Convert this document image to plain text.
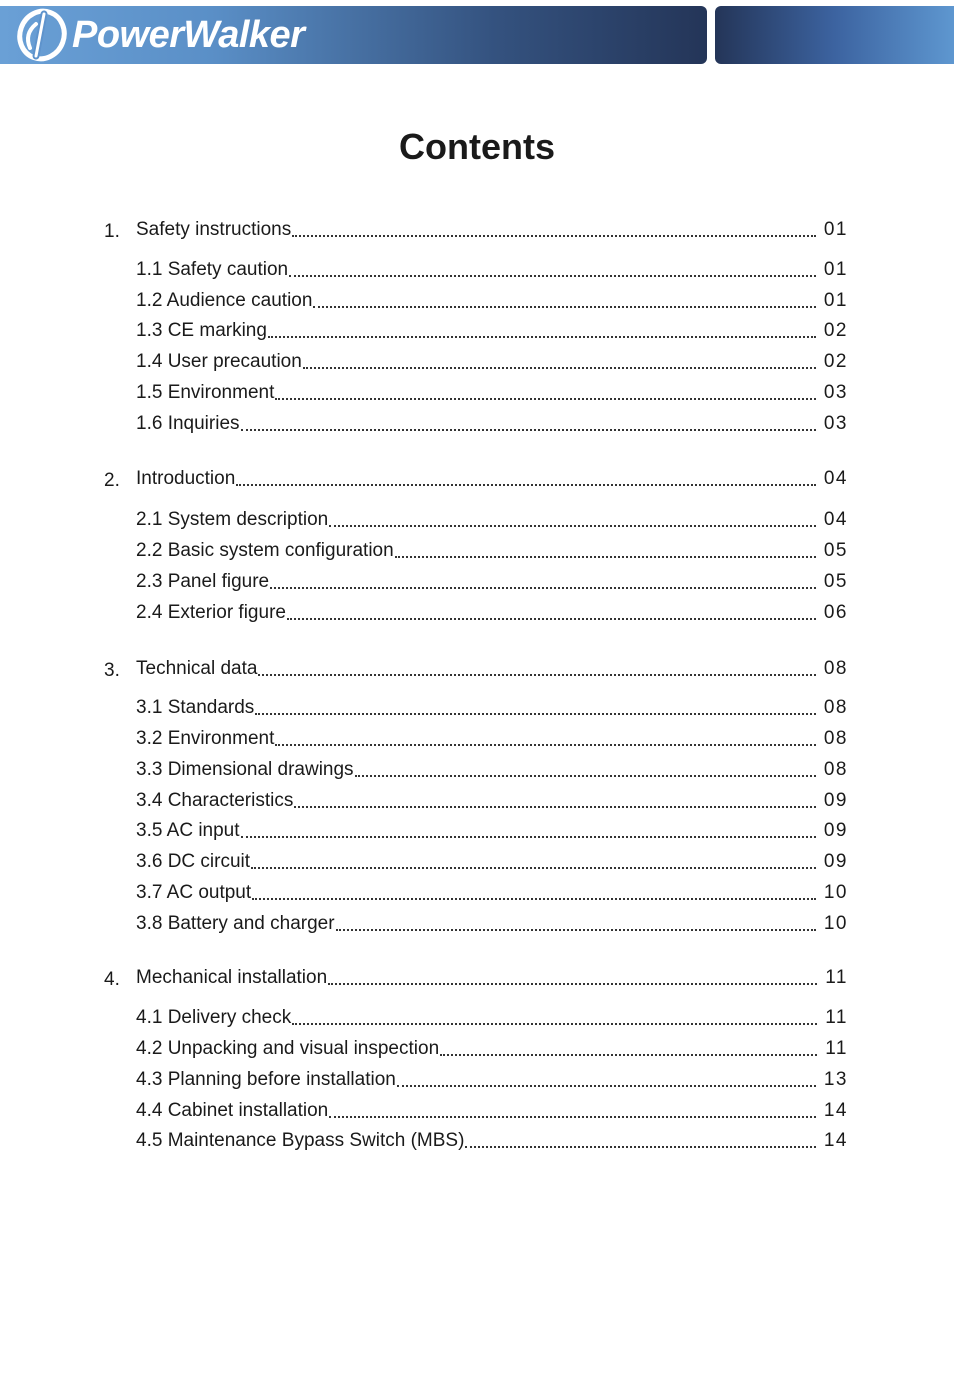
PowerWalker
Contents
1. Safety instructions	01
1.1 Safety caution	01
1.2 Audience caution	01
1.3 CE marking	02
1.4 User precaution	02
1.5 Environment	03
1.6 Inquiries	03
2. Introduction	04
2.1 System description	04
2.2 Basic system configuration	05
2.3 Panel figure	05
2.4 Exterior figure	06
3. Technical data	08
3.1 Standards	08
3.2 Environment	08
3.3 Dimensional drawings	08
3.4 Characteristics	09
3.5 AC input	09
3.6 DC circuit	09
3.7 AC output	10
3.8 Battery and charger	10
4. Mechanical installation	11
4.1 Delivery check	11
4.2 Unpacking and visual inspection	11
4.3 Planning before installation	13
4.4 Cabinet installation	14
4.5 Maintenance Bypass Switch (MBS)	14
